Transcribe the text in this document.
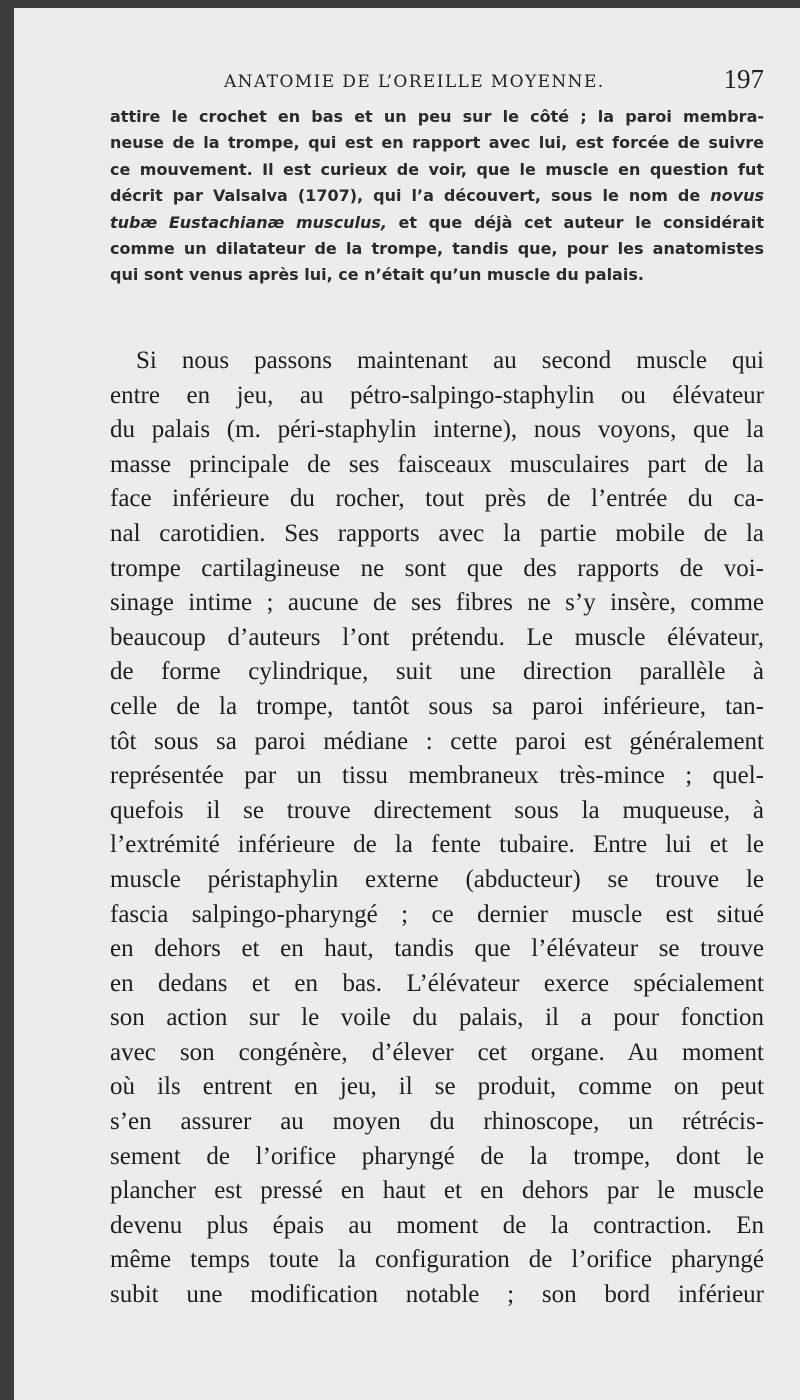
ANATOMIE DE L’OREILLE MOYENNE.	197
attire le crochet en bas et un peu sur le côté ; la paroi membra-
neuse de la trompe, qui est en rapport avec lui, est forcée de suivre
ce mouvement. Il est curieux de voir, que le muscle en question fut
décrit par Valsalva (1707), qui l’a découvert, sous le nom de novus
tubæ Eustachianæ musculus, et que déjà cet auteur le considérait
comme un dilatateur de la trompe, tandis que, pour les anatomistes
qui sont venus après lui, ce n’était qu’un muscle du palais.
Si nous passons maintenant au second muscle qui
entre en jeu, au pétro-salpingo-staphylin ou élévateur
du palais (m. péri-staphylin interne), nous voyons, que la
masse principale de ses faisceaux musculaires part de la
face inférieure du rocher, tout près de l’entrée du ca-
nal carotidien. Ses rapports avec la partie mobile de la
trompe cartilagineuse ne sont que des rapports de voi-
sinage intime ; aucune de ses fibres ne s’y insère, comme
beaucoup d’auteurs l’ont prétendu. Le muscle élévateur,
de forme cylindrique, suit une direction parallèle à
celle de la trompe, tantôt sous sa paroi inférieure, tan-
tôt sous sa paroi médiane : cette paroi est généralement
représentée par un tissu membraneux très-mince ; quel-
quefois il se trouve directement sous la muqueuse, à
l’extrémité inférieure de la fente tubaire. Entre lui et le
muscle péristaphylin externe (abducteur) se trouve le
fascia salpingo-pharyngé ; ce dernier muscle est situé
en dehors et en haut, tandis que l’élévateur se trouve
en dedans et en bas. L’élévateur exerce spécialement
son action sur le voile du palais, il a pour fonction
avec son congénère, d’élever cet organe. Au moment
où ils entrent en jeu, il se produit, comme on peut
s’en assurer au moyen du rhinoscope, un rétrécis-
sement de l’orifice pharyngé de la trompe, dont le
plancher est pressé en haut et en dehors par le muscle
devenu plus épais au moment de la contraction. En
même temps toute la configuration de l’orifice pharyngé
subit une modification notable ; son bord inférieur
